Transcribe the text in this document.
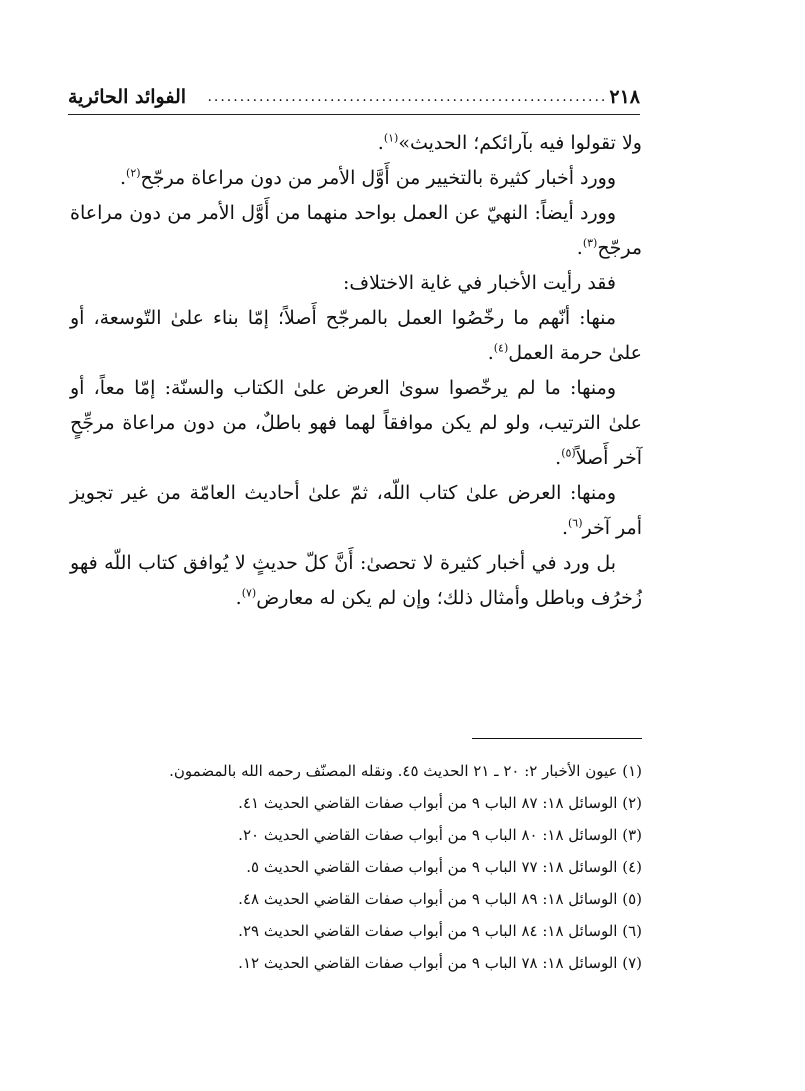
٢١٨
..............................................................
الفوائد الحائرية

ولا تقولوا فيه بآرائكم؛ الحديث»$^{(١)}$.

وورد أخبار كثيرة بالتخيير من أَوَّل الأمر من دون مراعاة مرجّح$^{(٢)}$.

وورد أيضاً: النهيّ عن العمل بواحد منهما من أَوَّل الأمر من دون مراعاة مرجّح$^{(٣)}$.

فقد رأيت الأخبار في غاية الاختلاف:

منها: أنّهم ما رخّصُوا العمل بالمرجّح أَصلاً؛ إمّا بناء علىٰ التّوسعة، أو علىٰ حرمة العمل$^{(٤)}$.

ومنها: ما لم يرخّصوا سوىٰ العرض علىٰ الكتاب والسنّة: إمّا معاً، أو علىٰ الترتيب، ولو لم يكن موافقاً لهما فهو باطلٌ، من دون مراعاة مرجِّحٍ آخر أَصلاً$^{(٥)}$.

ومنها: العرض علىٰ كتاب اللّه، ثمّ علىٰ أحاديث العامّة من غير تجويز أمر آخر$^{(٦)}$.

بل ورد في أخبار كثيرة لا تحصىٰ: أَنَّ كلّ حديثٍ لا يُوافق كتاب اللّه فهو زُخرُف وباطل وأمثال ذلك؛ وإن لم يكن له معارض$^{(٧)}$.

(١) عيون الأخبار ٢: ٢٠ ـ ٢١ الحديث ٤٥. ونقله المصنّف رحمه الله بالمضمون.
(٢) الوسائل ١٨: ٨٧ الباب ٩ من أبواب صفات القاضي الحديث ٤١.
(٣) الوسائل ١٨: ٨٠ الباب ٩ من أبواب صفات القاضي الحديث ٢٠.
(٤) الوسائل ١٨: ٧٧ الباب ٩ من أبواب صفات القاضي الحديث ٥.
(٥) الوسائل ١٨: ٨٩ الباب ٩ من أبواب صفات القاضي الحديث ٤٨.
(٦) الوسائل ١٨: ٨٤ الباب ٩ من أبواب صفات القاضي الحديث ٢٩.
(٧) الوسائل ١٨: ٧٨ الباب ٩ من أبواب صفات القاضي الحديث ١٢.
